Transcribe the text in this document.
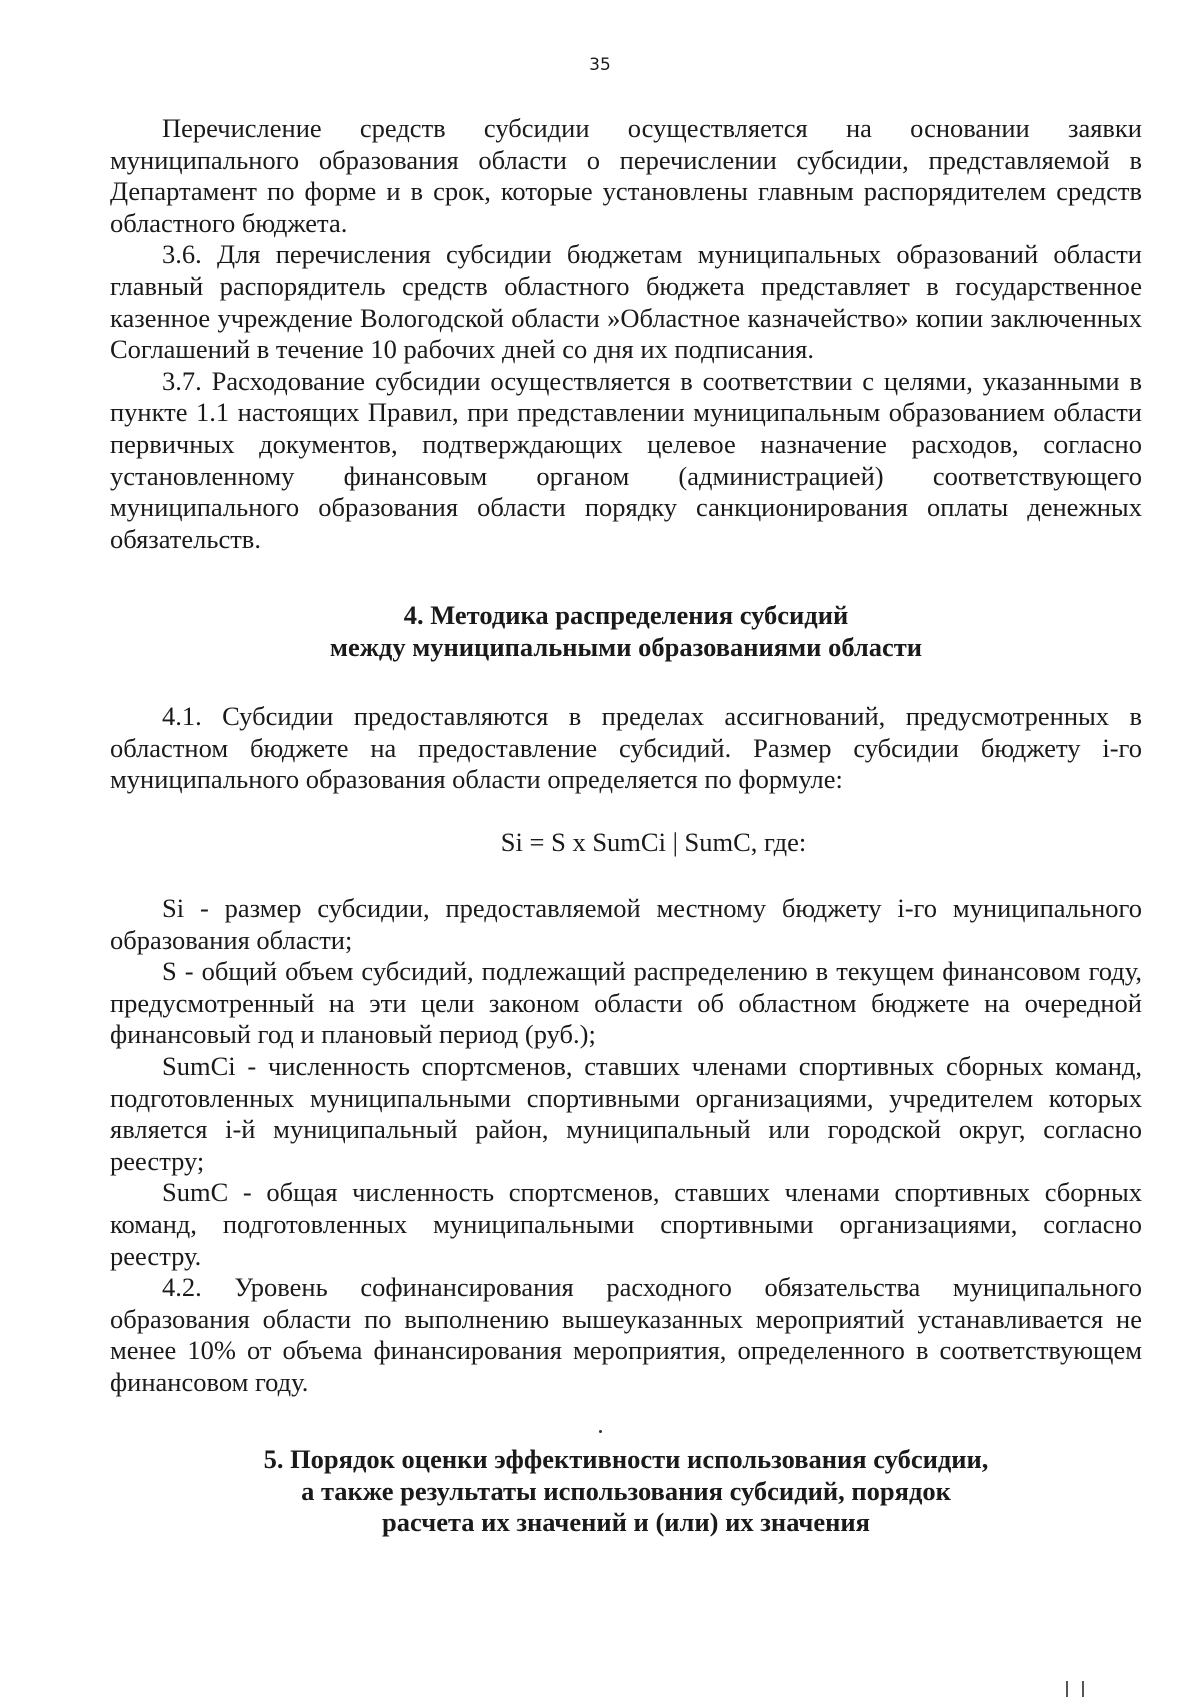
35

Перечисление средств субсидии осуществляется на основании заявки муниципального образования области о перечислении субсидии, представляемой в Департамент по форме и в срок, которые установлены главным распорядителем средств областного бюджета.

3.6. Для перечисления субсидии бюджетам муниципальных образований области главный распорядитель средств областного бюджета представляет в государственное казенное учреждение Вологодской области »Областное казначейство» копии заключенных Соглашений в течение 10 рабочих дней со дня их подписания.

3.7. Расходование субсидии осуществляется в соответствии с целями, указанными в пункте 1.1 настоящих Правил, при представлении муниципальным образованием области первичных документов, подтверждающих целевое назначение расходов, согласно установленному финансовым органом (администрацией) соответствующего муниципального образования области порядку санкционирования оплаты денежных обязательств.

4. Методика распределения субсидий
между муниципальными образованиями области

4.1. Субсидии предоставляются в пределах ассигнований, предусмотренных в областном бюджете на предоставление субсидий. Размер субсидии бюджету i-го муниципального образования области определяется по формуле:

Si = S x SumCi | SumC, где:

Si - размер субсидии, предоставляемой местному бюджету i-го муниципального образования области;

S - общий объем субсидий, подлежащий распределению в текущем финансовом году, предусмотренный на эти цели законом области об областном бюджете на очередной финансовый год и плановый период (руб.);

SumCi - численность спортсменов, ставших членами спортивных сборных команд, подготовленных муниципальными спортивными организациями, учредителем которых является i-й муниципальный район, муниципальный или городской округ, согласно реестру;

SumC - общая численность спортсменов, ставших членами спортивных сборных команд, подготовленных муниципальными спортивными организациями, согласно реестру.

4.2. Уровень софинансирования расходного обязательства муниципального образования области по выполнению вышеуказанных мероприятий устанавливается не менее 10% от объема финансирования мероприятия, определенного в соответствующем финансовом году.

5. Порядок оценки эффективности использования субсидии,
а также результаты использования субсидий, порядок
расчета их значений и (или) их значения
